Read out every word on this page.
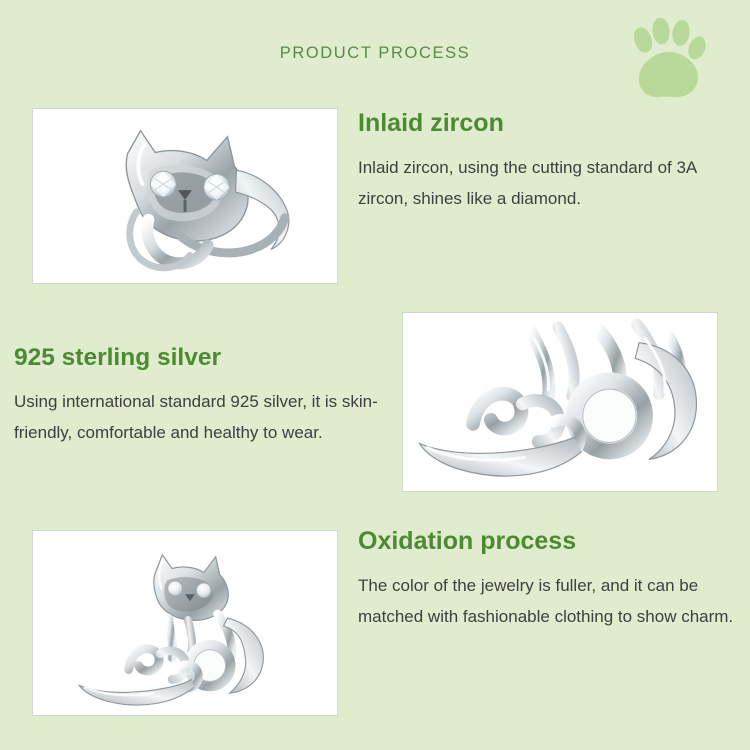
PRODUCT PROCESS
Inlaid zircon

Inlaid zircon, using the cutting standard of 3A zircon, shines like a diamond.

925 sterling silver

Using international standard 925 silver, it is skin-friendly, comfortable and healthy to wear.

Oxidation process

The color of the jewelry is fuller, and it can be matched with fashionable clothing to show charm.
